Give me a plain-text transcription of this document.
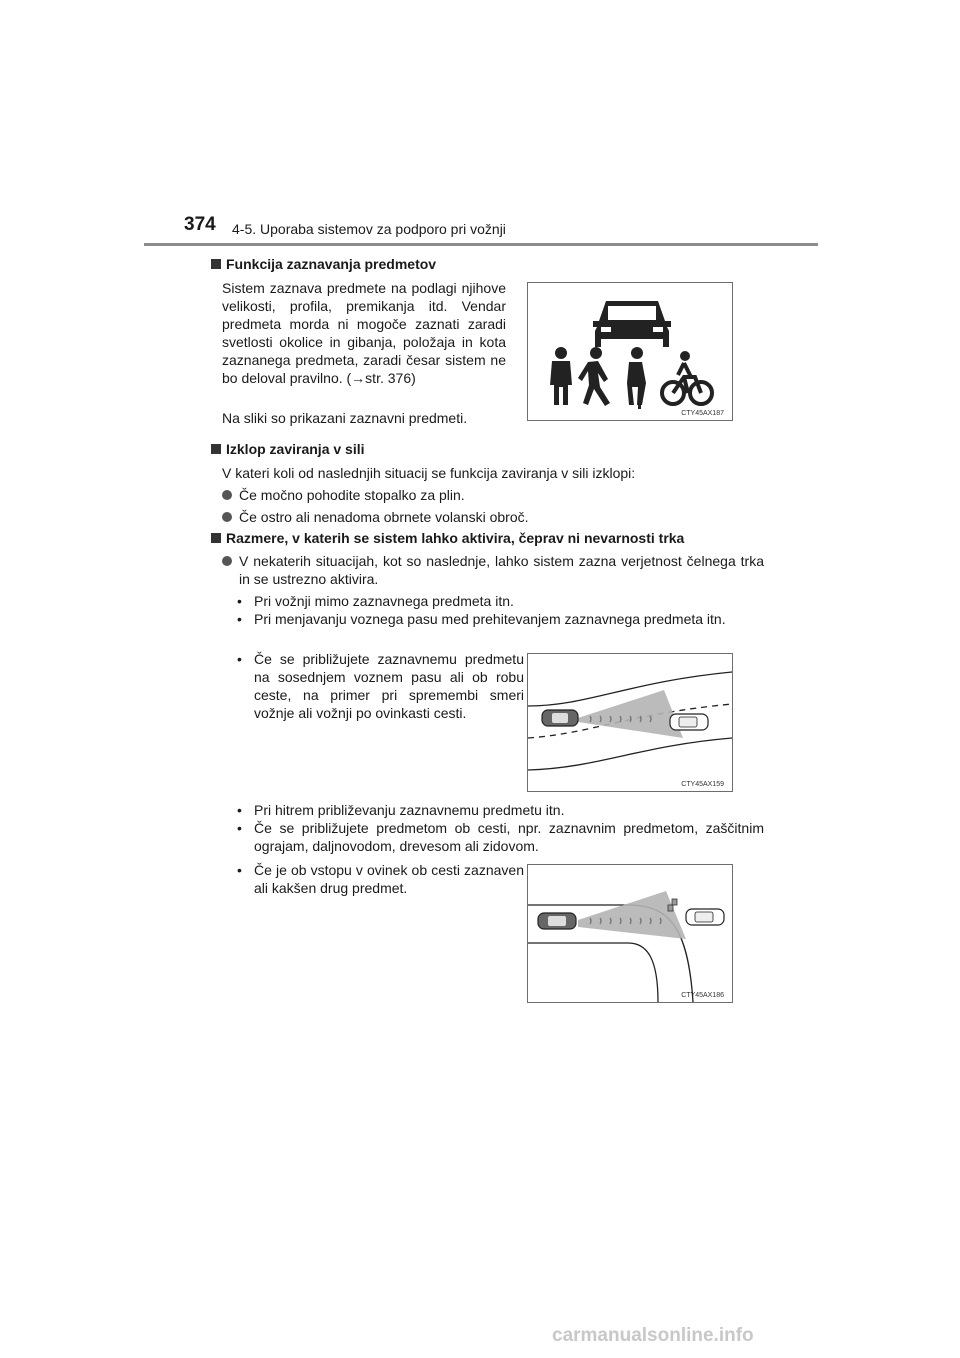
374 4-5. Uporaba sistemov za podporo pri vožnji
Funkcija zaznavanja predmetov
Sistem zaznava predmete na podlagi njihove velikosti, profila, premikanja itd. Vendar predmeta morda ni mogoče zaznati zaradi svetlosti okolice in gibanja, položaja in kota zaznanega predmeta, zaradi česar sistem ne bo deloval pravilno. (→str. 376)
Na sliki so prikazani zaznavni predmeti.	CTY45AX187
Izklop zaviranja v sili
V kateri koli od naslednjih situacij se funkcija zaviranja v sili izklopi:
Če močno pohodite stopalko za plin.
Če ostro ali nenadoma obrnete volanski obroč.
Razmere, v katerih se sistem lahko aktivira, čeprav ni nevarnosti trka
V nekaterih situacijah, kot so naslednje, lahko sistem zazna verjetnost čelnega trka in se ustrezno aktivira.
• Pri vožnji mimo zaznavnega predmeta itn.
• Pri menjavanju voznega pasu med prehitevanjem zaznavnega predmeta itn.
• Če se približujete zaznavnemu predmetu na sosednjem voznem pasu ali ob robu ceste, na primer pri spremembi smeri vožnje ali vožnji po ovinkasti cesti.
CTY45AX159
• Pri hitrem približevanju zaznavnemu predmetu itn.
• Če se približujete predmetom ob cesti, npr. zaznavnim predmetom, zaščitnim ograjam, daljnovodom, drevesom ali zidovom.
• Če je ob vstopu v ovinek ob cesti zaznaven ali kakšen drug predmet.
CTY45AX186
carmanualsonline.info
